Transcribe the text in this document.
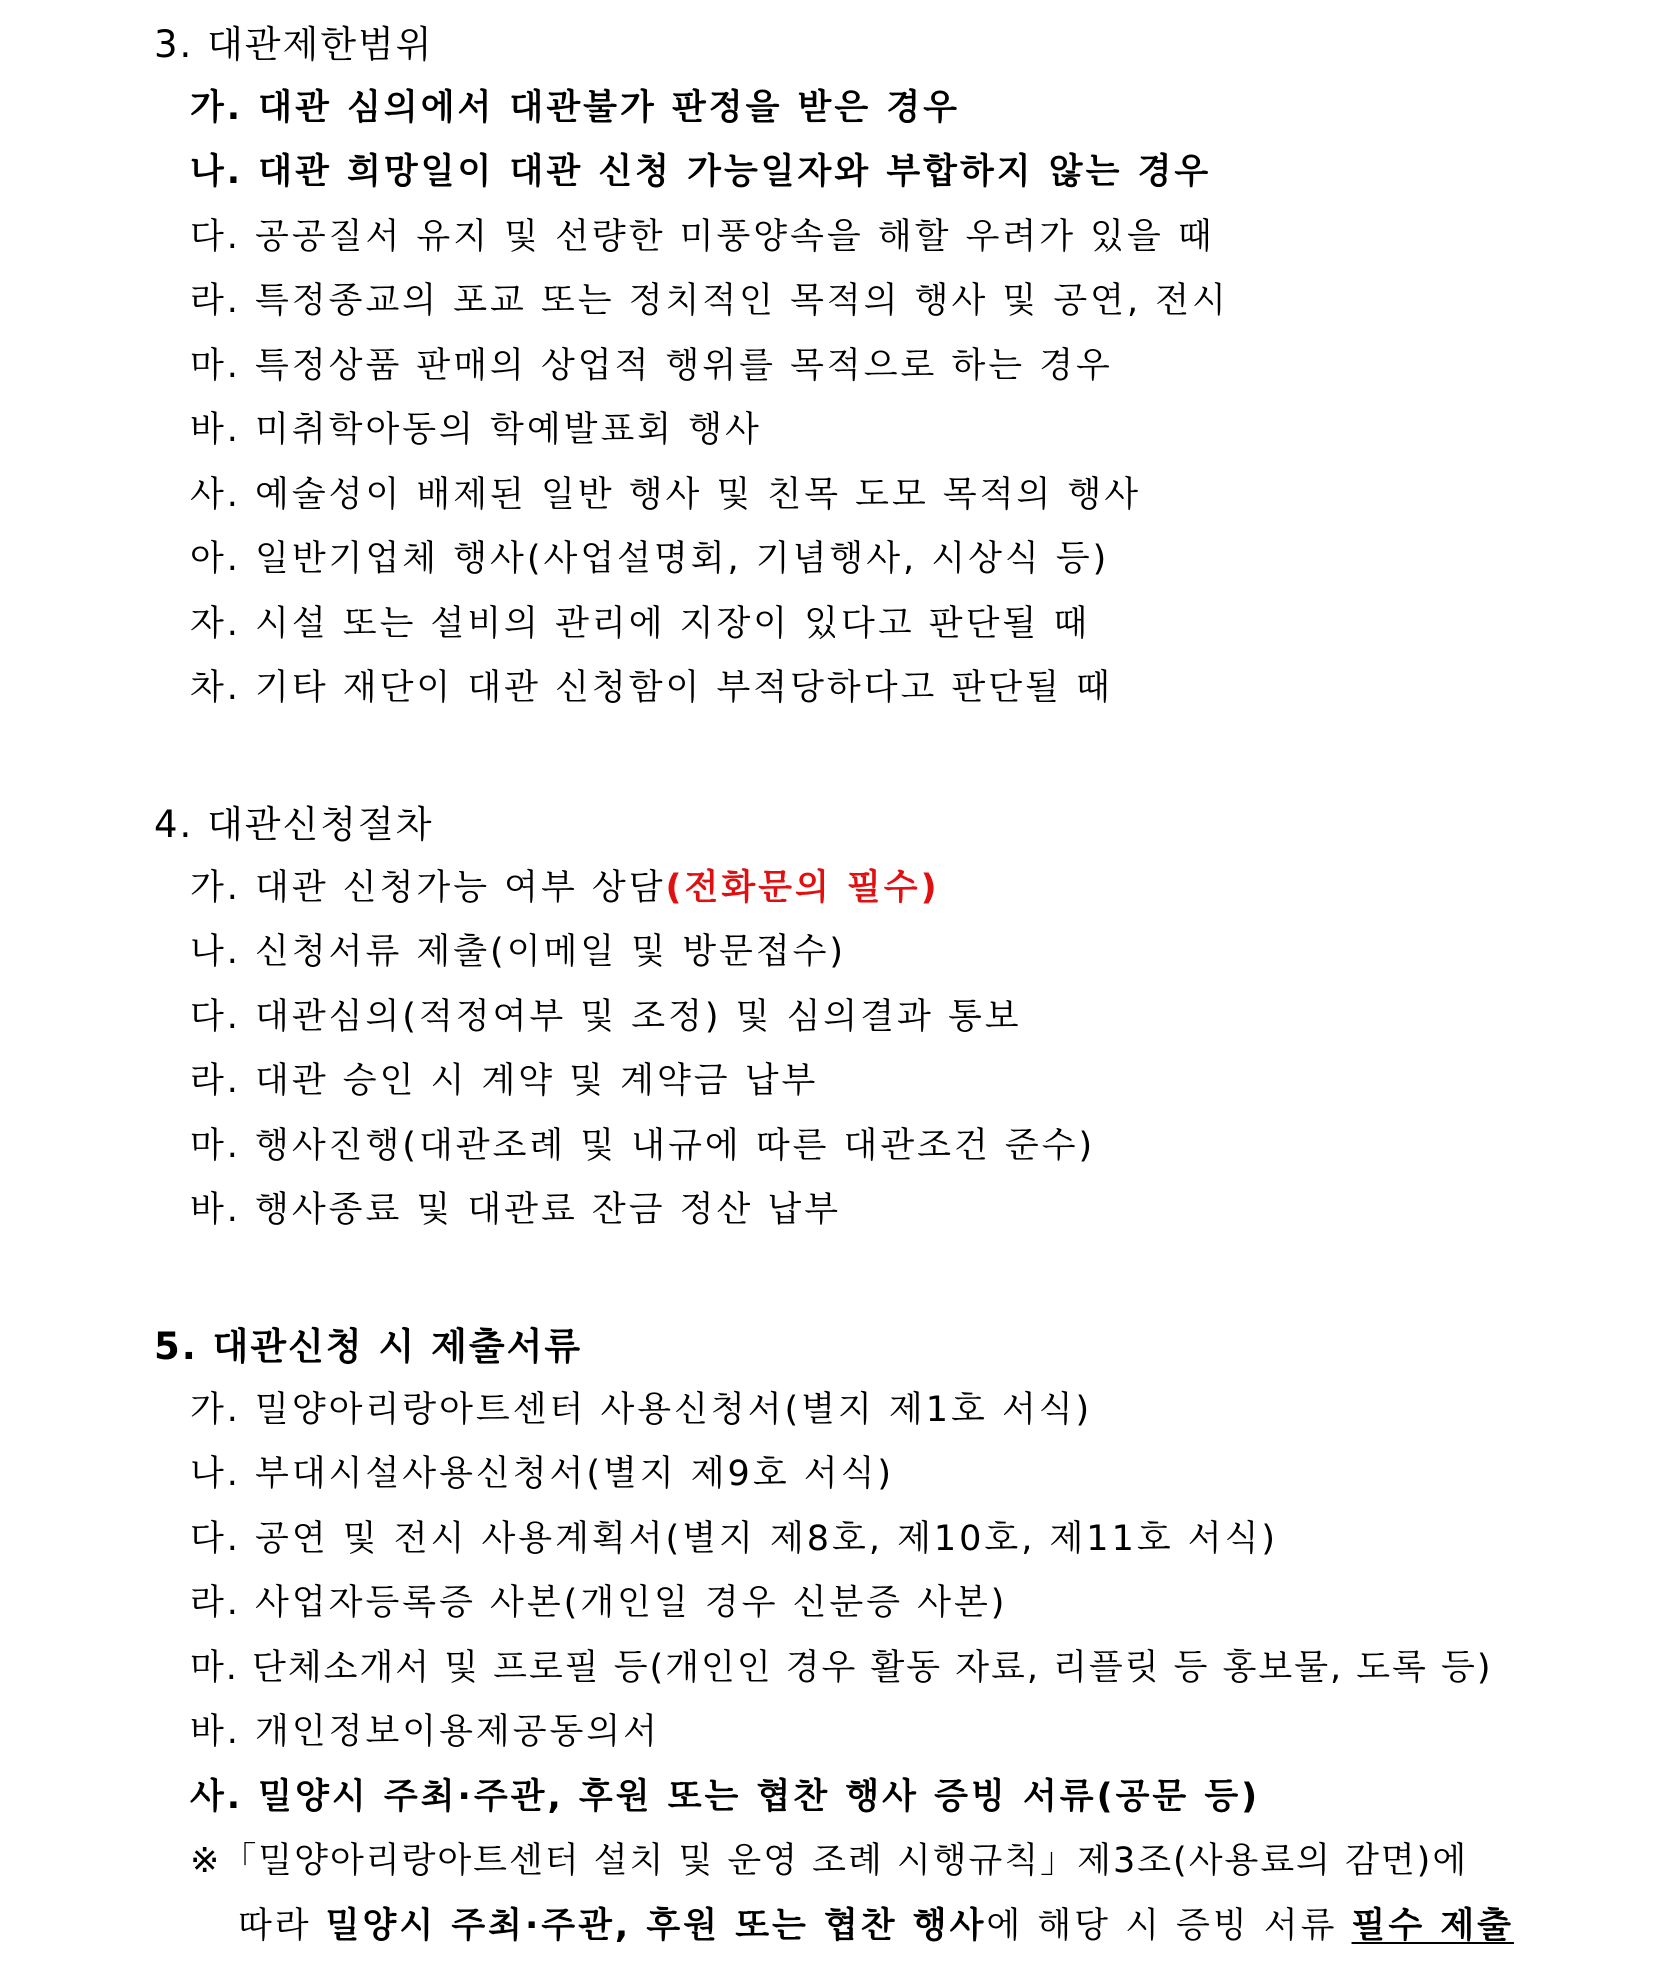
3. 대관제한범위
가. 대관 심의에서 대관불가 판정을 받은 경우
나. 대관 희망일이 대관 신청 가능일자와 부합하지 않는 경우
다. 공공질서 유지 및 선량한 미풍양속을 해할 우려가 있을 때
라. 특정종교의 포교 또는 정치적인 목적의 행사 및 공연, 전시
마. 특정상품 판매의 상업적 행위를 목적으로 하는 경우
바. 미취학아동의 학예발표회 행사
사. 예술성이 배제된 일반 행사 및 친목 도모 목적의 행사
아. 일반기업체 행사(사업설명회, 기념행사, 시상식 등)
자. 시설 또는 설비의 관리에 지장이 있다고 판단될 때
차. 기타 재단이 대관 신청함이 부적당하다고 판단될 때
4. 대관신청절차
가. 대관 신청가능 여부 상담(전화문의 필수)
나. 신청서류 제출(이메일 및 방문접수)
다. 대관심의(적정여부 및 조정) 및 심의결과 통보
라. 대관 승인 시 계약 및 계약금 납부
마. 행사진행(대관조례 및 내규에 따른 대관조건 준수)
바. 행사종료 및 대관료 잔금 정산 납부
5. 대관신청 시 제출서류
가. 밀양아리랑아트센터 사용신청서(별지 제1호 서식)
나. 부대시설사용신청서(별지 제9호 서식)
다. 공연 및 전시 사용계획서(별지 제8호, 제10호, 제11호 서식)
라. 사업자등록증 사본(개인일 경우 신분증 사본)
마. 단체소개서 및 프로필 등(개인인 경우 활동 자료, 리플릿 등 홍보물, 도록 등)
바. 개인정보이용제공동의서
사. 밀양시 주최·주관, 후원 또는 협찬 행사 증빙 서류(공문 등)
※「밀양아리랑아트센터 설치 및 운영 조례 시행규칙」제3조(사용료의 감면)에
따라 밀양시 주최·주관, 후원 또는 협찬 행사에 해당 시 증빙 서류 필수 제출
